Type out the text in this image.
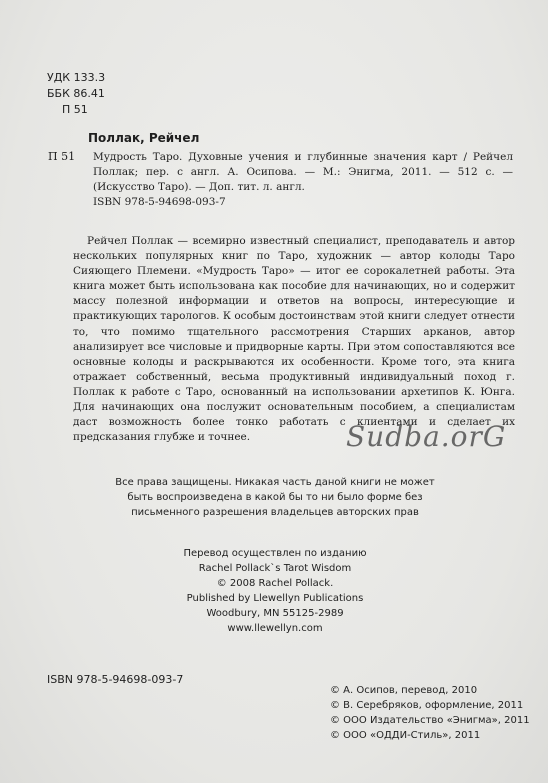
УДК 133.3
ББК 86.41
П 51
Поллак, Рейчел
П 51 Мудрость Таро. Духовные учения и глубинные значения карт / Рейчел Поллак; пер. с англ. А. Осипова. — М.: Энигма, 2011. — 512 с. — (Искусство Таро). — Доп. тит. л. англ.
ISBN 978-5-94698-093-7
Рейчел Поллак — всемирно известный специалист, преподаватель и автор нескольких популярных книг по Таро, художник — автор колоды Таро Сияющего Племени. «Мудрость Таро» — итог ее сорокалетней работы. Эта книга может быть использована как пособие для начинающих, но и содержит массу полезной информации и ответов на вопросы, интересующие и практикующих тарологов. К особым достоинствам этой книги следует отнести то, что помимо тщательного рассмотрения Старших арканов, автор анализирует все числовые и придворные карты. При этом сопоставляются все основные колоды и раскрываются их особенности. Кроме того, эта книга отражает собственный, весьма продуктивный индивидуальный поход г. Поллак к работе с Таро, основанный на использовании архетипов К. Юнга. Для начинающих она послужит основательным пособием, а специалистам даст возможность более тонко работать с клиентами и сделает их предсказания глубже и точнее.	Sudba.orG
Все права защищены. Никакая часть даной книги не может
быть воспроизведена в какой бы то ни было форме без
письменного разрешения владельцев авторских прав
Перевод осуществлен по изданию
Rachel Pollack`s Tarot Wisdom
© 2008 Rachel Pollack.
Published by Llewellyn Publications
Woodbury, MN 55125-2989
www.llewellyn.com
ISBN 978-5-94698-093-7
© А. Осипов, перевод, 2010
© В. Серебряков, оформление, 2011
© ООО Издательство «Энигма», 2011
© ООО «ОДДИ-Стиль», 2011
